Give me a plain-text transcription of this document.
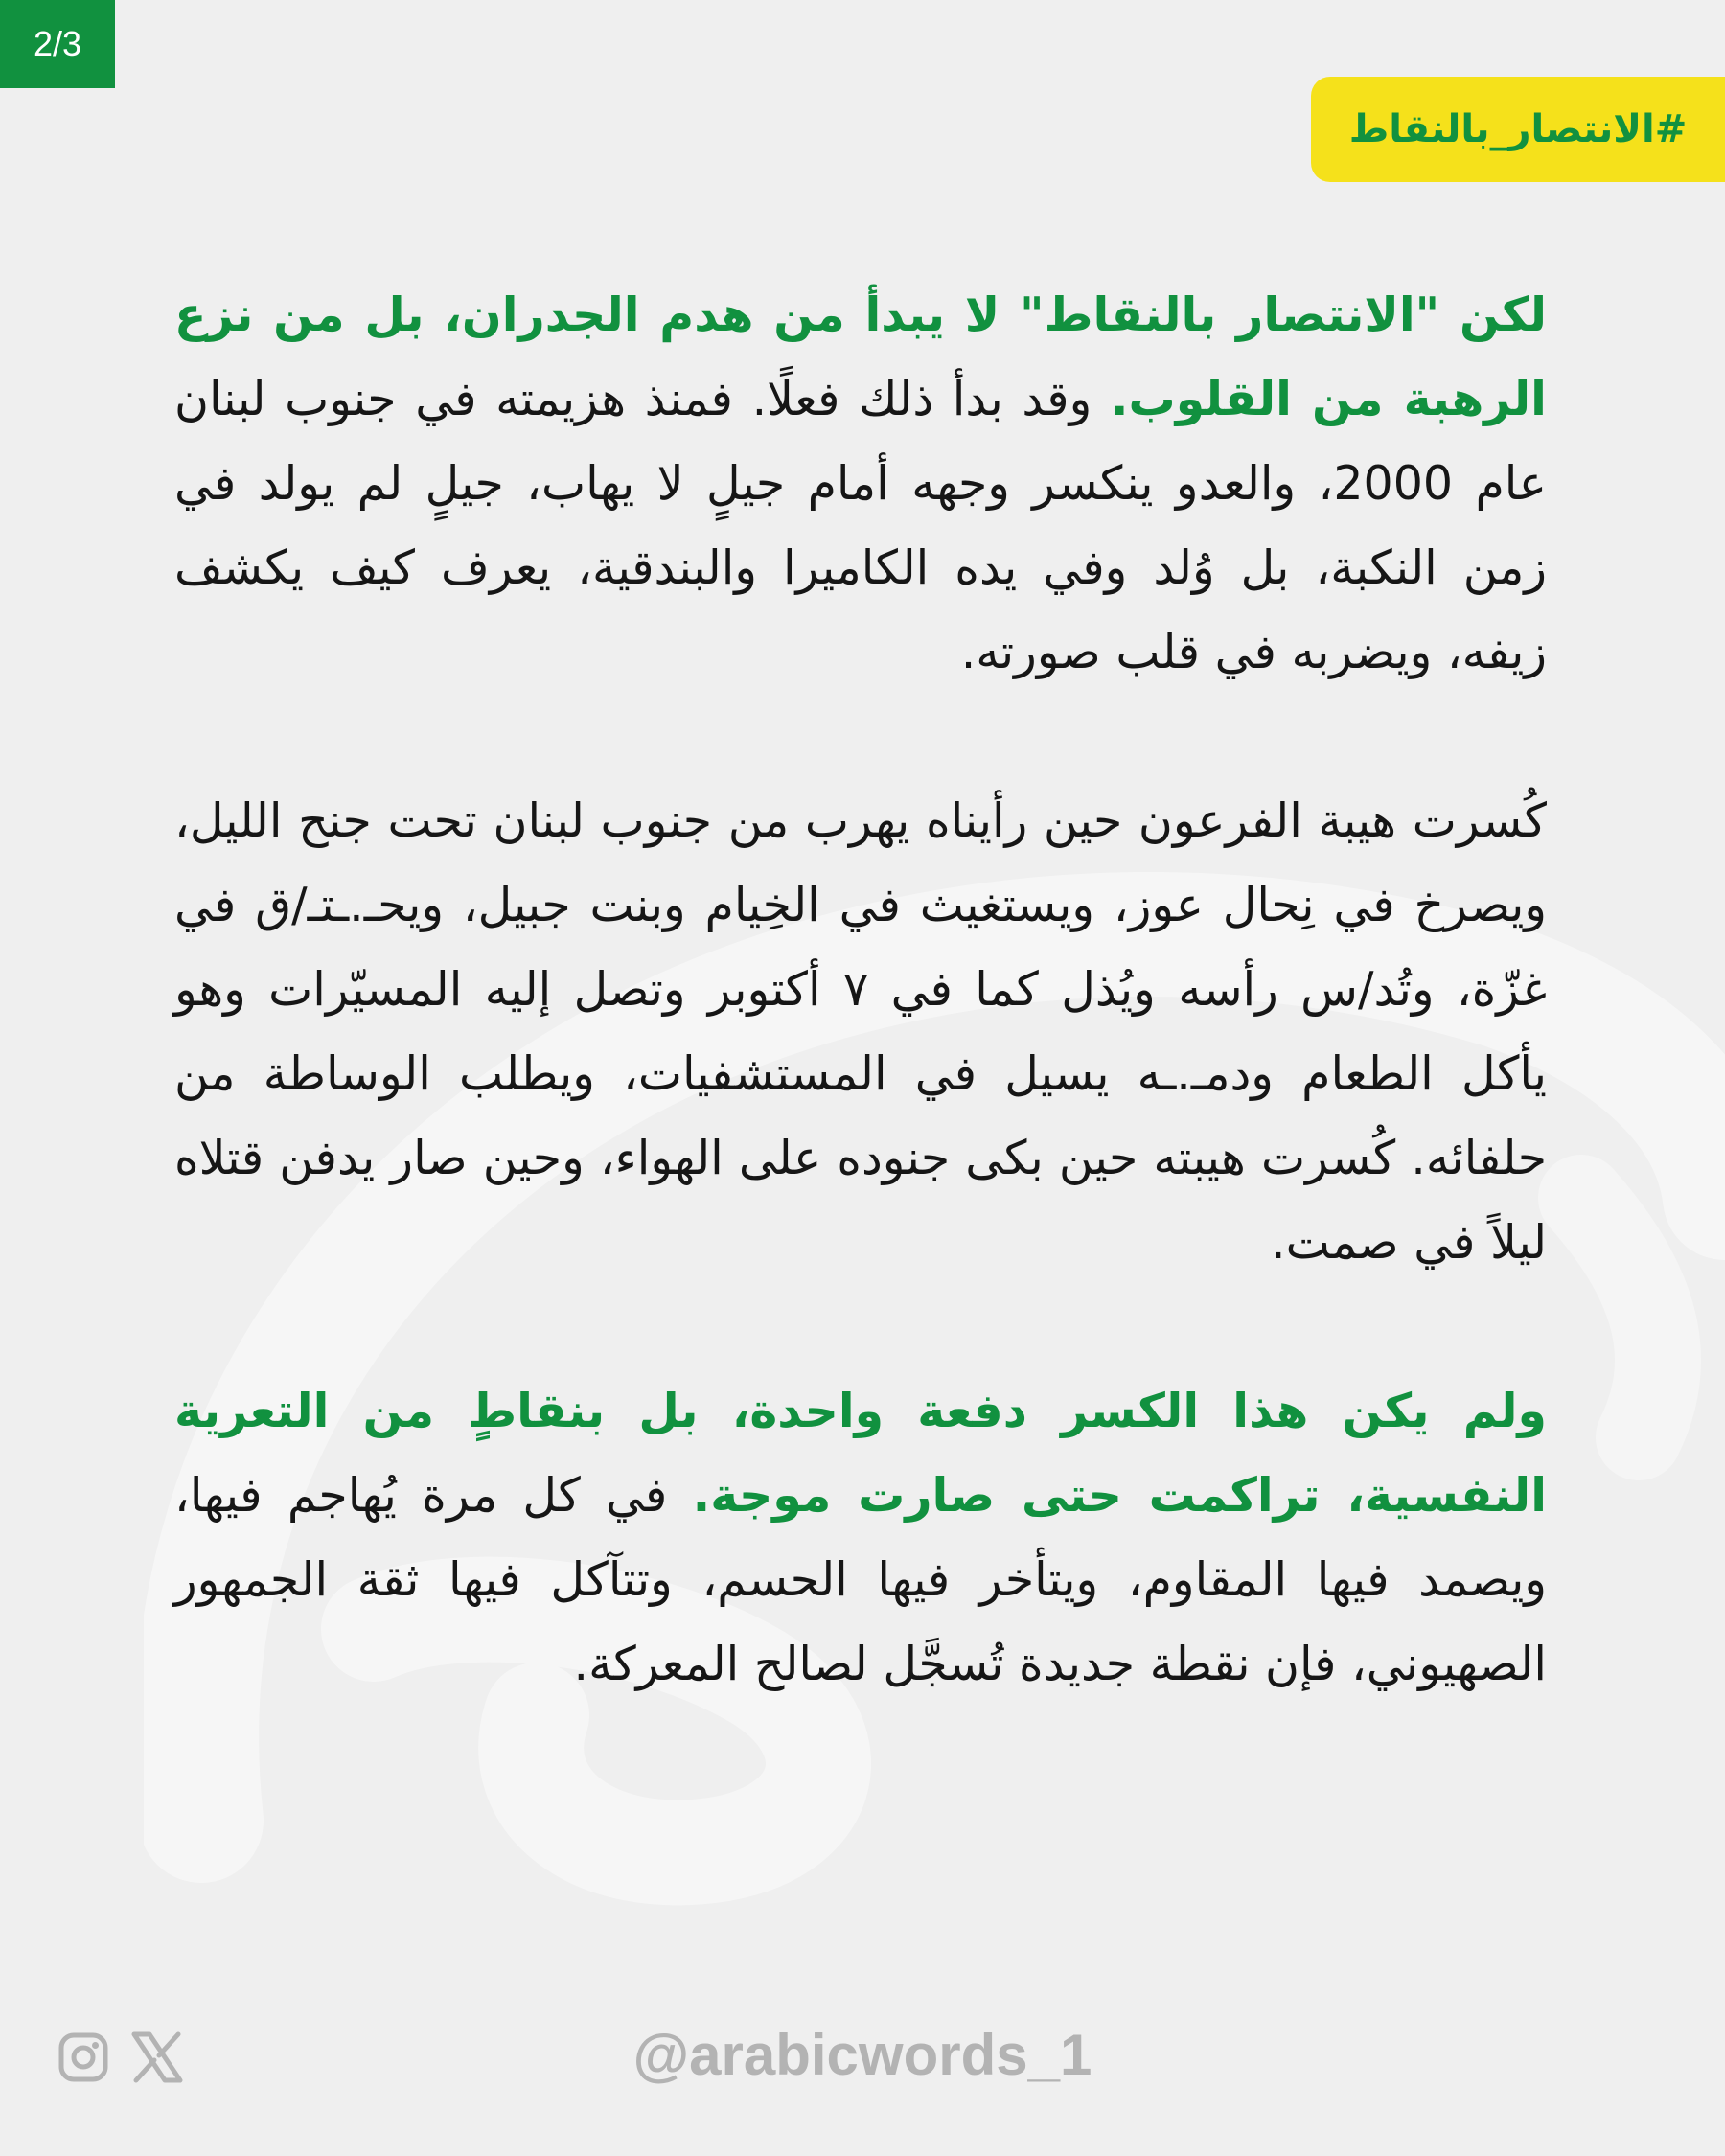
2/3
#الانتصار_بالنقاط

لكن "الانتصار بالنقاط" لا يبدأ من هدم الجدران، بل من نزع الرهبة من القلوب. وقد بدأ ذلك فعلًا. فمنذ هزيمته في جنوب لبنان عام 2000، والعدو ينكسر وجهه أمام جيلٍ لا يهاب، جيلٍ لم يولد في زمن النكبة، بل وُلد وفي يده الكاميرا والبندقية، يعرف كيف يكشف زيفه، ويضربه في قلب صورته.

كُسرت هيبة الفرعون حين رأيناه يهرب من جنوب لبنان تحت جنح الليل، ويصرخ في نِحال عوز، ويستغيث في الخِيام وبنت جبيل، ويحـ.ـتـ/ق في غزّة، وتُد/س رأسه ويُذل كما في ٧ أكتوبر وتصل إليه المسيّرات وهو يأكل الطعام ودمـ.ـه يسيل في المستشفيات، ويطلب الوساطة من حلفائه. كُسرت هيبته حين بكى جنوده على الهواء، وحين صار يدفن قتلاه ليلاً في صمت.

ولم يكن هذا الكسر دفعة واحدة، بل بنقاطٍ من التعرية النفسية، تراكمت حتى صارت موجة. في كل مرة يُهاجم فيها، ويصمد فيها المقاوم، ويتأخر فيها الحسم، وتتآكل فيها ثقة الجمهور الصهيوني، فإن نقطة جديدة تُسجَّل لصالح المعركة.

@arabicwords_1
